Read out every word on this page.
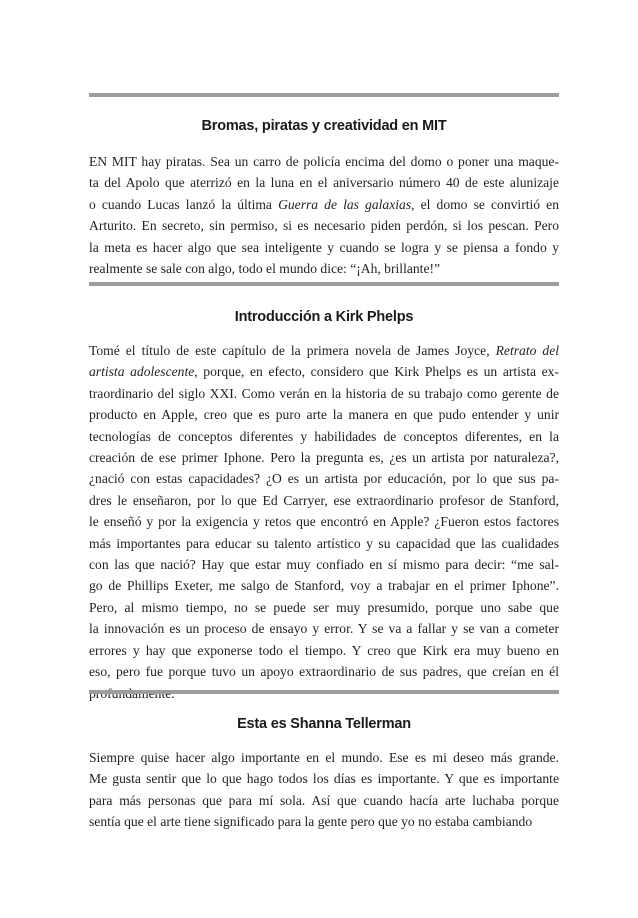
Bromas, piratas y creatividad en MIT
EN MIT hay piratas. Sea un carro de policía encima del domo o poner una maque-
ta del Apolo que aterrizó en la luna en el aniversario número 40 de este alunizaje
o cuando Lucas lanzó la última Guerra de las galaxias, el domo se convirtió en
Arturito. En secreto, sin permiso, si es necesario piden perdón, si los pescan. Pero
la meta es hacer algo que sea inteligente y cuando se logra y se piensa a fondo y
realmente se sale con algo, todo el mundo dice: “¡Ah, brillante!”
Introducción a Kirk Phelps
Tomé el título de este capítulo de la primera novela de James Joyce, Retrato del
artista adolescente, porque, en efecto, considero que Kirk Phelps es un artista ex-
traordinario del siglo XXI. Como verán en la historia de su trabajo como gerente de
producto en Apple, creo que es puro arte la manera en que pudo entender y unir
tecnologías de conceptos diferentes y habilidades de conceptos diferentes, en la
creación de ese primer Iphone. Pero la pregunta es, ¿es un artista por naturaleza?,
¿nació con estas capacidades? ¿O es un artista por educación, por lo que sus pa-
dres le enseñaron, por lo que Ed Carryer, ese extraordinario profesor de Stanford,
le enseñó y por la exigencia y retos que encontró en Apple? ¿Fueron estos factores
más importantes para educar su talento artístico y su capacidad que las cualidades
con las que nació? Hay que estar muy confiado en sí mismo para decir: “me sal-
go de Phillips Exeter, me salgo de Stanford, voy a trabajar en el primer Iphone”.
Pero, al mismo tiempo, no se puede ser muy presumido, porque uno sabe que
la innovación es un proceso de ensayo y error. Y se va a fallar y se van a cometer
errores y hay que exponerse todo el tiempo. Y creo que Kirk era muy bueno en
eso, pero fue porque tuvo un apoyo extraordinario de sus padres, que creían en él
Esta es Shanna Tellerman
Siempre quise hacer algo importante en el mundo. Ese es mi deseo más grande.
Me gusta sentir que lo que hago todos los días es importante. Y que es importante
para más personas que para mí sola. Así que cuando hacía arte luchaba porque
sentía que el arte tiene significado para la gente pero que yo no estaba cambiando
